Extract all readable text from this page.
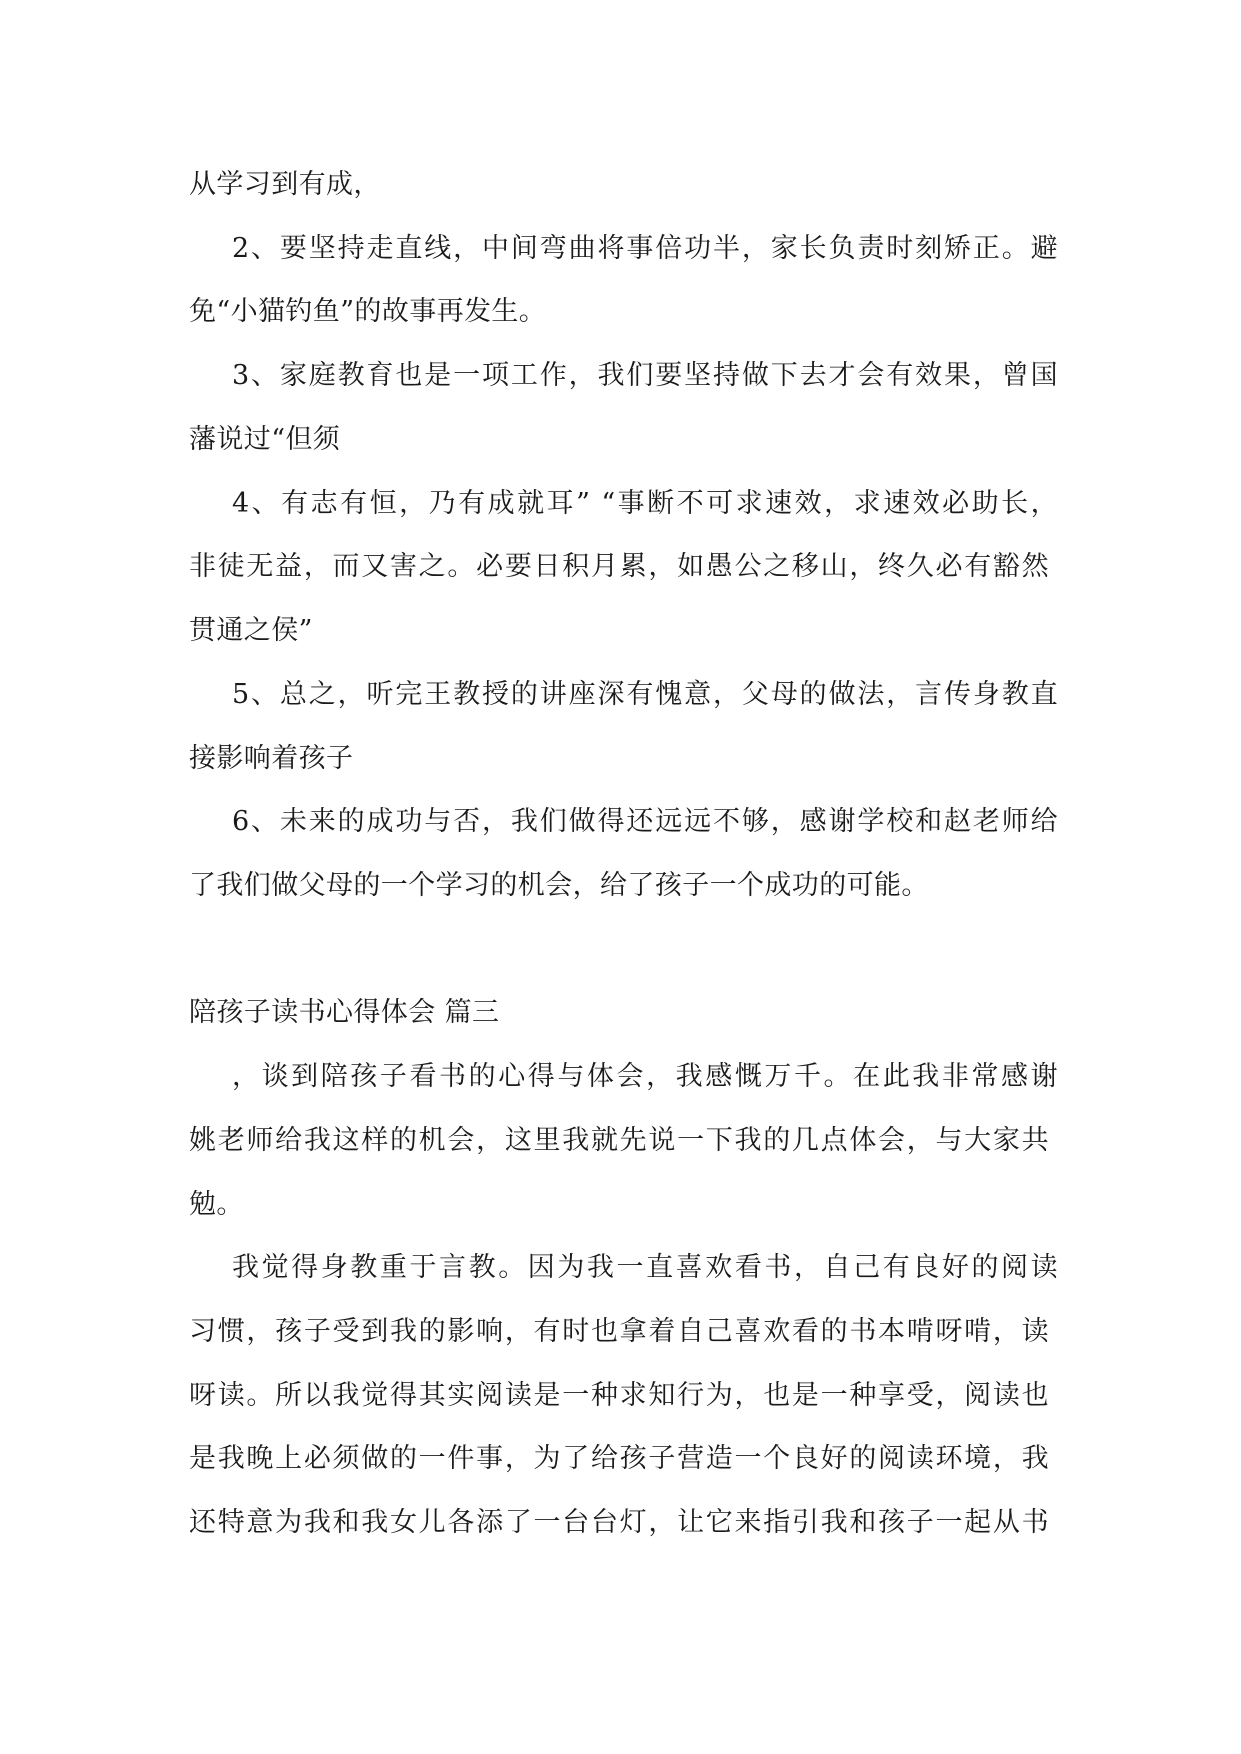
从学习到有成，
2、要坚持走直线，中间弯曲将事倍功半，家长负责时刻矫正。避
免“小猫钓鱼”的故事再发生。
3、家庭教育也是一项工作，我们要坚持做下去才会有效果，曾国
藩说过“但须
4、有志有恒，乃有成就耳” “事断不可求速效，求速效必助长，
非徒无益，而又害之。必要日积月累，如愚公之移山，终久必有豁然
贯通之侯”
5、总之，听完王教授的讲座深有愧意，父母的做法，言传身教直
接影响着孩子
6、未来的成功与否，我们做得还远远不够，感谢学校和赵老师给
了我们做父母的一个学习的机会，给了孩子一个成功的可能。
陪孩子读书心得体会 篇三
，谈到陪孩子看书的心得与体会，我感慨万千。在此我非常感谢
姚老师给我这样的机会，这里我就先说一下我的几点体会，与大家共
勉。
我觉得身教重于言教。因为我一直喜欢看书，自己有良好的阅读
习惯，孩子受到我的影响，有时也拿着自己喜欢看的书本啃呀啃，读
呀读。所以我觉得其实阅读是一种求知行为，也是一种享受，阅读也
是我晚上必须做的一件事，为了给孩子营造一个良好的阅读环境，我
还特意为我和我女儿各添了一台台灯，让它来指引我和孩子一起从书
